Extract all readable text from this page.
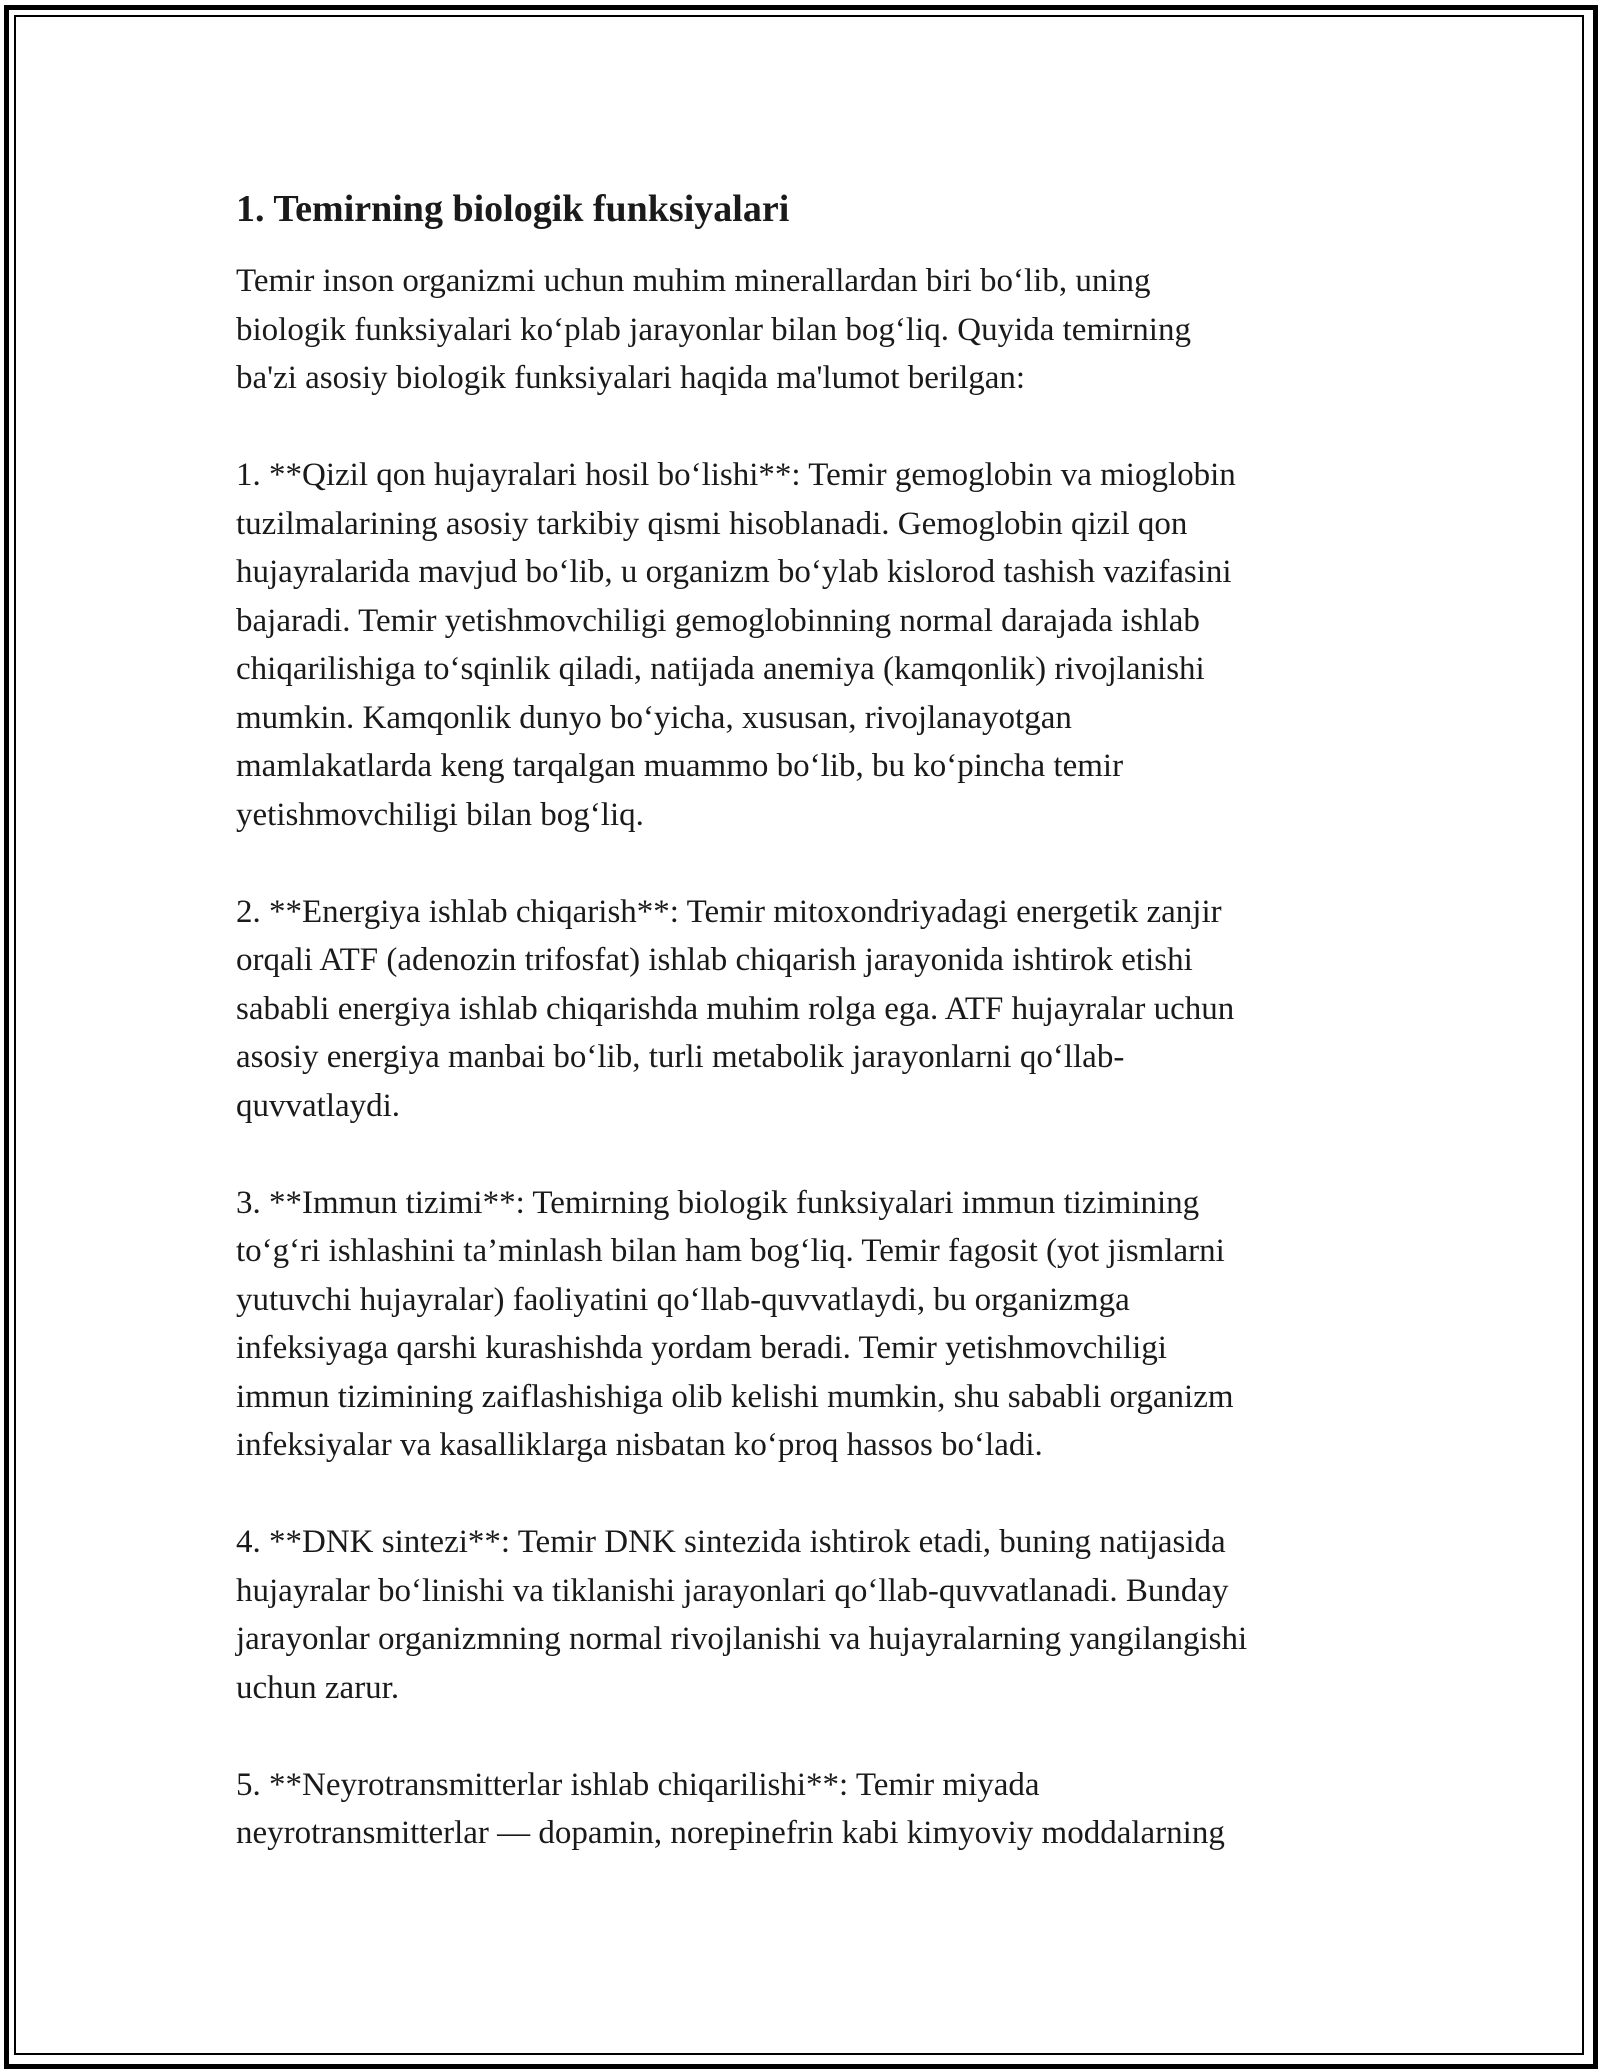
1. Temirning biologik funksiyalari

Temir inson organizmi uchun muhim minerallardan biri bo‘lib, uning
biologik funksiyalari ko‘plab jarayonlar bilan bog‘liq. Quyida temirning
ba'zi asosiy biologik funksiyalari haqida ma'lumot berilgan:

1. **Qizil qon hujayralari hosil bo‘lishi**: Temir gemoglobin va mioglobin
tuzilmalarining asosiy tarkibiy qismi hisoblanadi. Gemoglobin qizil qon
hujayralarida mavjud bo‘lib, u organizm bo‘ylab kislorod tashish vazifasini
bajaradi. Temir yetishmovchiligi gemoglobinning normal darajada ishlab
chiqarilishiga to‘sqinlik qiladi, natijada anemiya (kamqonlik) rivojlanishi
mumkin. Kamqonlik dunyo bo‘yicha, xususan, rivojlanayotgan
mamlakatlarda keng tarqalgan muammo bo‘lib, bu ko‘pincha temir
yetishmovchiligi bilan bog‘liq.

2. **Energiya ishlab chiqarish**: Temir mitoxondriyadagi energetik zanjir
orqali ATF (adenozin trifosfat) ishlab chiqarish jarayonida ishtirok etishi
sababli energiya ishlab chiqarishda muhim rolga ega. ATF hujayralar uchun
asosiy energiya manbai bo‘lib, turli metabolik jarayonlarni qo‘llab-
quvvatlaydi.

3. **Immun tizimi**: Temirning biologik funksiyalari immun tizimining
to‘g‘ri ishlashini ta’minlash bilan ham bog‘liq. Temir fagosit (yot jismlarni
yutuvchi hujayralar) faoliyatini qo‘llab-quvvatlaydi, bu organizmga
infeksiyaga qarshi kurashishda yordam beradi. Temir yetishmovchiligi
immun tizimining zaiflashishiga olib kelishi mumkin, shu sababli organizm
infeksiyalar va kasalliklarga nisbatan ko‘proq hassos bo‘ladi.

4. **DNK sintezi**: Temir DNK sintezida ishtirok etadi, buning natijasida
hujayralar bo‘linishi va tiklanishi jarayonlari qo‘llab-quvvatlanadi. Bunday
jarayonlar organizmning normal rivojlanishi va hujayralarning yangilangishi
uchun zarur.

5. **Neyrotransmitterlar ishlab chiqarilishi**: Temir miyada
neyrotransmitterlar — dopamin, norepinefrin kabi kimyoviy moddalarning
